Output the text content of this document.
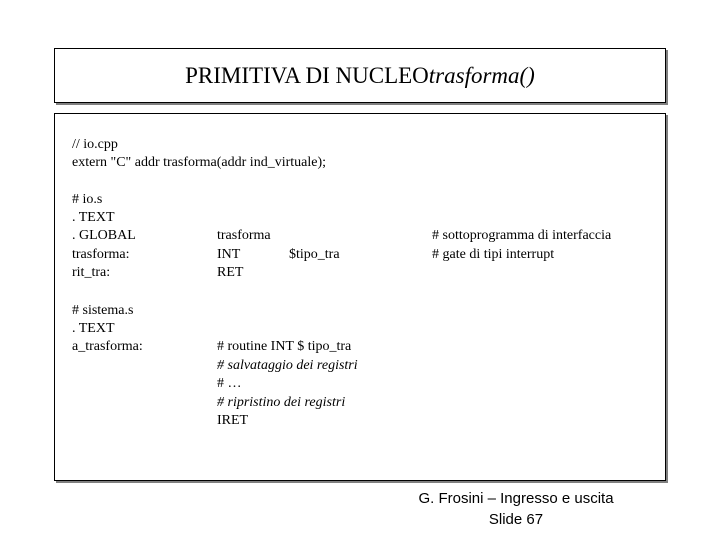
PRIMITIVA DI NUCLEO trasforma()
// io.cpp
extern "C" addr trasforma(addr ind_virtuale);
# io.s
. TEXT
. GLOBAL
trasforma:
rit_tra:
trasforma
INT	$tipo_tra
RET
# sottoprogramma di interfaccia
# gate di tipi interrupt
# sistema.s
. TEXT
a_trasforma:	# routine INT $ tipo_tra
# salvataggio dei registri
# …
# ripristino dei registri
IRET
G. Frosini – Ingresso e uscita
Slide 67
